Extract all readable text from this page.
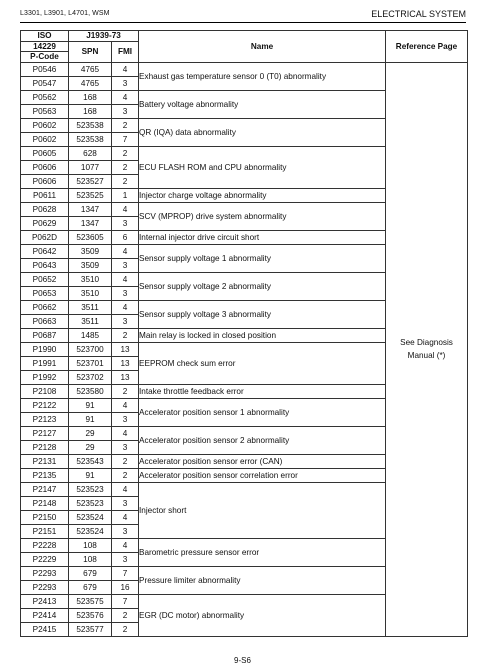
L3301, L3901, L4701, WSM	ELECTRICAL SYSTEM
ISO	J1939-73		Name	Reference Page
14229	SPN	FMI		
P-Code				
P0546	4765	4	Exhaust gas temperature sensor 0 (T0) abnormality	See Diagnosis
Manual (*)

P0547	4765	3		
P0562	168	4	Battery voltage abnormality	
P0563	168	3		
P0602	523538	2	QR (IQA) data abnormality	
P0602	523538	7		
P0605	628	2	ECU FLASH ROM and CPU abnormality	
P0606	1077	2		
P0606	523527	2		
P0611	523525	1	Injector charge voltage abnormality	
P0628	1347	4	SCV (MPROP) drive system abnormality	
P0629	1347	3		
P062D	523605	6	Internal injector drive circuit short	
P0642	3509	4	Sensor supply voltage 1 abnormality	
P0643	3509	3		
P0652	3510	4	Sensor supply voltage 2 abnormality	
P0653	3510	3		
P0662	3511	4	Sensor supply voltage 3 abnormality	
P0663	3511	3		
P0687	1485	2	Main relay is locked in closed position	
P1990	523700	13	EEPROM check sum error	
P1991	523701	13		
P1992	523702	13		
P2108	523580	2	Intake throttle feedback error	
P2122	91	4	Accelerator position sensor 1 abnormality	
P2123	91	3		
P2127	29	4	Accelerator position sensor 2 abnormality	
P2128	29	3		
P2131	523543	2	Accelerator position sensor error (CAN)	
P2135	91	2	Accelerator position sensor correlation error	
P2147	523523	4	Injector short	
P2148	523523	3		
P2150	523524	4		
P2151	523524	3		
P2228	108	4	Barometric pressure sensor error	
P2229	108	3		
P2293	679	7	Pressure limiter abnormality	
P2293	679	16		
P2413	523575	7	EGR (DC motor) abnormality	
P2414	523576	2		
P2415	523577	2		
9-S6
